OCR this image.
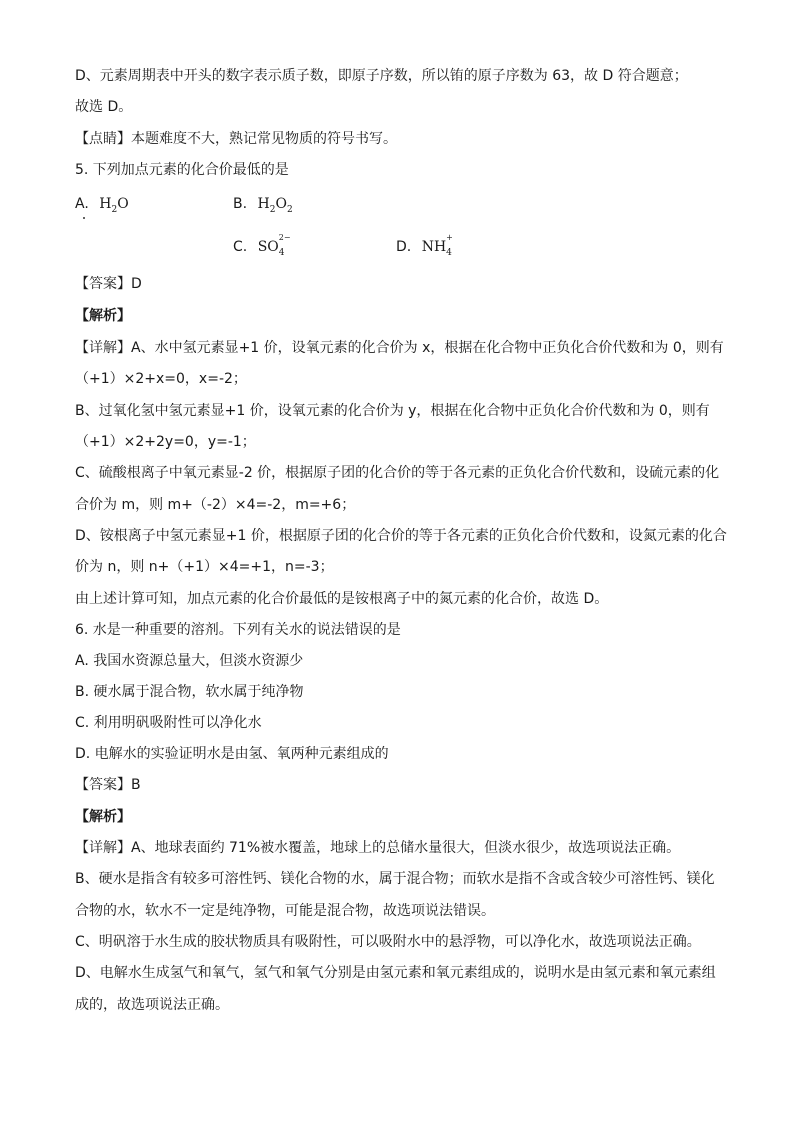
D、元素周期表中开头的数字表示质子数，即原子序数，所以铕的原子序数为 63，故 D 符合题意；
故选 D。
【点睛】本题难度不大，熟记常见物质的符号书写。
5. 下列加点元素的化合价最低的是
A. $H_2O$	B. $H_2O_2$
C. SO
2−
4	D. NH
+
4
【答案】D
【解析】
【详解】A、水中氢元素显+1 价，设氧元素的化合价为 x，根据在化合物中正负化合价代数和为 0，则有
（+1）×2+x=0，x=-2；
B、过氧化氢中氢元素显+1 价，设氧元素的化合价为 y，根据在化合物中正负化合价代数和为 0，则有
（+1）×2+2y=0，y=-1；
C、硫酸根离子中氧元素显-2 价，根据原子团的化合价的等于各元素的正负化合价代数和，设硫元素的化
合价为 m，则 m+（-2）×4=-2，m=+6；
D、铵根离子中氢元素显+1 价，根据原子团的化合价的等于各元素的正负化合价代数和，设氮元素的化合
价为 n，则 n+（+1）×4=+1，n=-3；
由上述计算可知，加点元素的化合价最低的是铵根离子中的氮元素的化合价，故选 D。
6. 水是一种重要的溶剂。下列有关水的说法错误的是
A. 我国水资源总量大，但淡水资源少
B. 硬水属于混合物，软水属于纯净物
C. 利用明矾吸附性可以净化水
D. 电解水的实验证明水是由氢、氧两种元素组成的
【答案】B
【解析】
【详解】A、地球表面约 71%被水覆盖，地球上的总储水量很大，但淡水很少，故选项说法正确。
B、硬水是指含有较多可溶性钙、镁化合物的水，属于混合物；而软水是指不含或含较少可溶性钙、镁化
合物的水，软水不一定是纯净物，可能是混合物，故选项说法错误。
C、明矾溶于水生成的胶状物质具有吸附性，可以吸附水中的悬浮物，可以净化水，故选项说法正确。
D、电解水生成氢气和氧气，氢气和氧气分别是由氢元素和氧元素组成的，说明水是由氢元素和氧元素组
成的，故选项说法正确。
